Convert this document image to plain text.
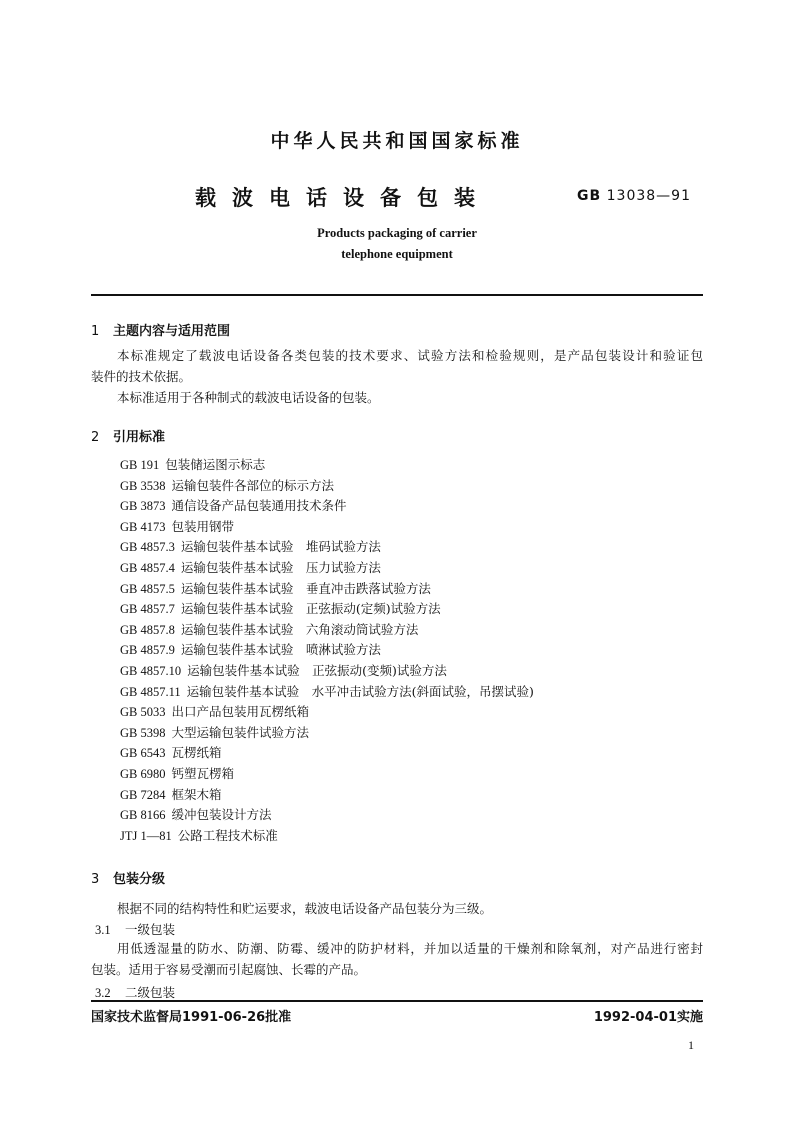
中华人民共和国国家标准
载波电话设备包装	GB 13038—91
Products packaging of carrier
telephone equipment
1 主题内容与适用范围

本标准规定了载波电话设备各类包装的技术要求、试验方法和检验规则，是产品包装设计和验证包

装件的技术依据。

本标准适用于各种制式的载波电话设备的包装。

2 引用标准
GB 191 包装储运图示标志
GB 3538 运输包装件各部位的标示方法
GB 3873 通信设备产品包装通用技术条件
GB 4173 包装用钢带
GB 4857.3 运输包装件基本试验　堆码试验方法
GB 4857.4 运输包装件基本试验　压力试验方法
GB 4857.5 运输包装件基本试验　垂直冲击跌落试验方法
GB 4857.7 运输包装件基本试验　正弦振动(定频)试验方法
GB 4857.8 运输包装件基本试验　六角滚动筒试验方法
GB 4857.9 运输包装件基本试验　喷淋试验方法
GB 4857.10 运输包装件基本试验　正弦振动(变频)试验方法
GB 4857.11 运输包装件基本试验　水平冲击试验方法(斜面试验，吊摆试验)
GB 5033 出口产品包装用瓦楞纸箱
GB 5398 大型运输包装件试验方法
GB 6543 瓦楞纸箱
GB 6980 钙塑瓦楞箱
GB 7284 框架木箱
GB 8166 缓冲包装设计方法
JTJ 1—81 公路工程技术标准
3 包装分级

根据不同的结构特性和贮运要求，载波电话设备产品包装分为三级。

3.1 一级包装

用低透湿量的防水、防潮、防霉、缓冲的防护材料，并加以适量的干燥剂和除氧剂，对产品进行密封

包装。适用于容易受潮而引起腐蚀、长霉的产品。

3.2 二级包装
国家技术监督局1991-06-26批准	1992-04-01实施
1
